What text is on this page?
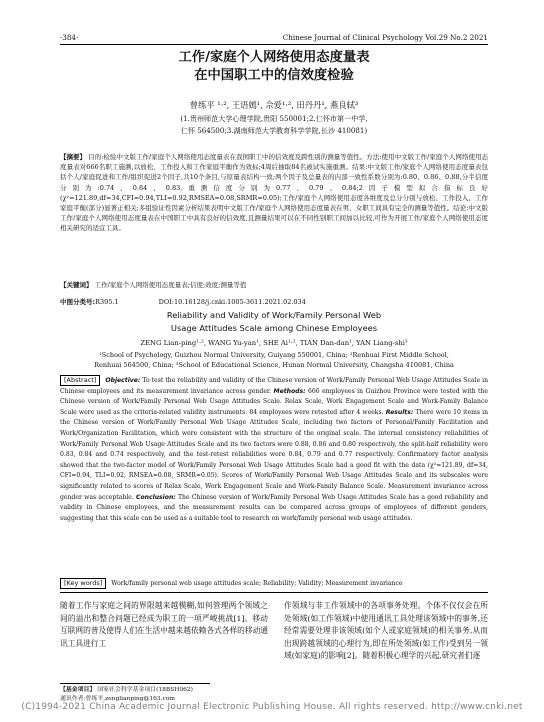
·384·	Chinese Journal of Clinical Psychology Vol.29 No.2 2021
工作/家庭个人网络使用态度量表
在中国职工中的信效度检验
曾练平 ¹·², 王语嫣¹, 佘爱¹·², 田丹丹¹, 燕良轼³
(1.贵州师范大学心理学院,贵阳 550001;2.仁怀市第一中学,
仁怀 564500;3.湖南师范大学教育科学学院,长沙 410081)
【摘要】 目的:检验中文版工作/家庭个人网络使用态度量表在我国职工中的信效度及跨性别的测量等值性。方法:使用中文版工作/家庭个人网络使用态度量表对666名职工施测,以放松、工作投入和工作家庭平衡作为效标;4周后抽取84名被试实施重测。结果:中文版工作/家庭个人网络使用态度量表包括个人/家庭促进和工作/组织促进2个因子,共10个条目,与原量表结构一致;两个因子及总量表的内部一致性系数分别为:0.80、0.86、0.88,分半信度分别为:0.74、0.84、0.83,重测信度分别为0.77、0.79、0.84;2因子模型拟合指标良好(χ²=121.89,df=34,CFI=0.94,TLI=0.92,RMSEA=0.08,SRMR=0.05);工作/家庭个人网络使用态度各维度及总分分别与放松、工作投入、工作家庭平衡(部分)显著正相关;多组验证性因素分析结果表明中文版工作/家庭个人网络使用态度量表在男、女职工间具有完全的测量等值性。结论:中文版工作/家庭个人网络使用态度量表在中国职工中具有良好的信效度,且测量结果可以在不同性别职工间加以比较,可作为开展工作/家庭个人网络使用态度相关研究的适宜工具。
【关键词】 工作/家庭个人网络使用态度量表;信度;效度;测量等值
中图分类号: R395.1	DOI: 10.16128/j.cnki.1005-3611.2021.02.034
Reliability and Validity of Work/Family Personal Web
Usage Attitudes Scale among Chinese Employees
ZENG Lian-ping¹·², WANG Yu-yan¹, SHE Ai¹·², TIAN Dan-dan¹, YAN Liang-shi³
¹School of Psychology, Guizhou Normal University, Guiyang 550001, China; ²Renhuai First Middle School,
Renhuai 564500, China; ³School of Educational Science, Hunan Normal University, Changsha 410081, China
[Abstract] Objective: To test the reliability and validity of the Chinese version of Work/Family Personal Web Usage Attitudes Scale in Chinese employees and its measurement invariance across gender. Methods: 666 employees in Guizhou Province were tested with the Chinese version of Work/Family Personal Web Usage Attitudes Scale. Relax Scale, Work Engagement Scale and Work-Family Balance Scale were used as the criteria-related validity instruments. 84 employees were retested after 4 weeks. Results: There were 10 items in the Chinese version of Work/Family Personal Web Usage Attitudes Scale, including two factors of Personal/Family Facilitation and Work/Organization Facilitation, which were consistent with the structure of the original scale. The internal consistency reliabilities of Work/Family Personal Web Usage Attitudes Scale and its two factors were 0.88, 0.86 and 0.80 respectively, the split-half reliability were 0.83, 0.84 and 0.74 respectively, and the test-retest reliabilities were 0.84, 0.79 and 0.77 respectively. Confirmatory factor analysis showed that the two-factor model of Work/Family Personal Web Usage Attitudes Scale had a good fit with the data (χ²=121.89, df=34, CFI=0.94, TLI=0.92, RMSEA=0.08, SRMR=0.05). Scores of Work/Family Personal Web Usage Attitudes Scale and its subscales were significantly related to scores of Relax Scale, Work Engagement Scale and Work-Family Balance Scale. Measurement invariance across gender was acceptable. Conclusion: The Chinese version of Work/Family Personal Web Usage Attitudes Scale has a good reliability and validity in Chinese employees, and the measurement results can be compared across groups of employees of different genders, suggesting that this scale can be used as a suitable tool to research on work/family personal web usage attitudes.
[Key words] Work/family personal web usage attitudes scale; Reliability; Validity; Measurement invariance
随着工作与家庭之间的界限越来越模糊,如何管理两个领域之间的溢出和整合问题已经成为职工的一项严峻挑战[1]。移动互联网的普及使得人们在生活中越来越依赖各式各样的移动通讯工具进行工
作领域与非工作领域中的各项事务处理。个体不仅仅会在所处领域(如工作领域)中使用通讯工具处理该领域中的事务,还经常需要处理非该领域(如个人或家庭领域)的相关事务,从而出现跨越领域的心理行为,即在所处领域(如工作)受到另一领域(如家庭)的影响[2]。随着积极心理学的兴起,研究者们逐
【基金项目】 国家社会科学基金项目(18BSH062)
通讯作者:曾练平,zenglianping@163.com
(C)1994-2021 China Academic Journal Electronic Publishing House. All rights reserved. http://www.cnki.net
